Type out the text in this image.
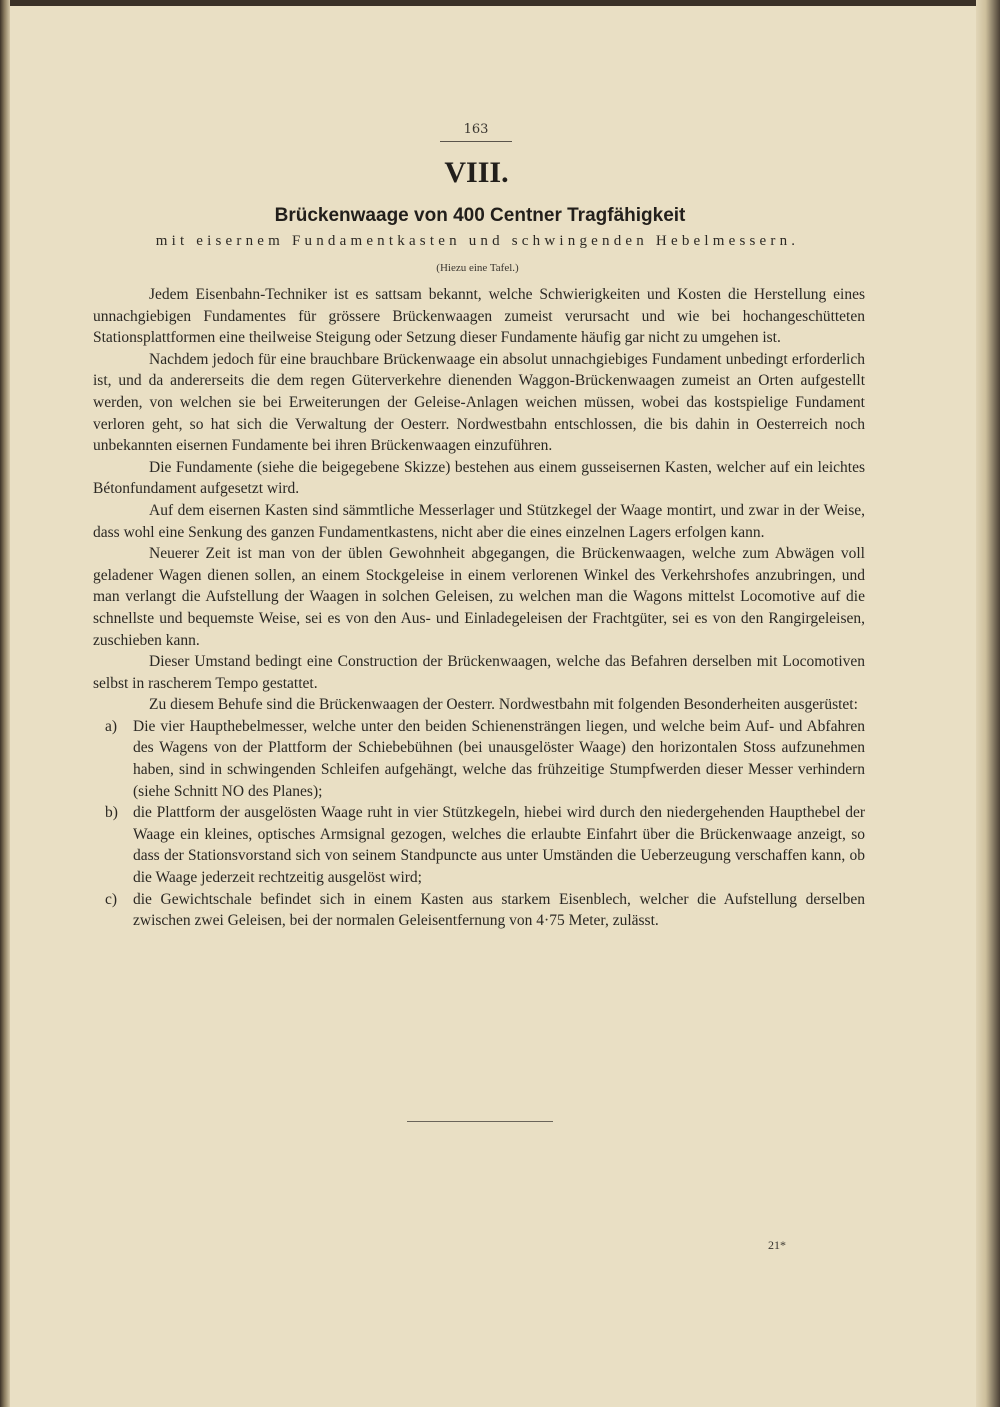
163
VIII.
Brückenwaage von 400 Centner Tragfähigkeit
mit eisernem Fundamentkasten und schwingenden Hebelmessern.
(Hiezu eine Tafel.)

Jedem Eisenbahn-Techniker ist es sattsam bekannt, welche Schwierigkeiten und Kosten die Herstellung eines unnachgiebigen Fundamentes für grössere Brückenwaagen zumeist verursacht und wie bei hochangeschütteten Stationsplattformen eine theilweise Steigung oder Setzung dieser Fundamente häufig gar nicht zu umgehen ist.

Nachdem jedoch für eine brauchbare Brückenwaage ein absolut unnachgiebiges Fundament unbedingt erforderlich ist, und da andererseits die dem regen Güterverkehre dienenden Waggon-Brückenwaagen zumeist an Orten aufgestellt werden, von welchen sie bei Erweiterungen der Geleise-Anlagen weichen müssen, wobei das kostspielige Fundament verloren geht, so hat sich die Verwaltung der Oesterr. Nordwestbahn entschlossen, die bis dahin in Oesterreich noch unbekannten eisernen Fundamente bei ihren Brückenwaagen einzuführen.

Die Fundamente (siehe die beigegebene Skizze) bestehen aus einem gusseisernen Kasten, welcher auf ein leichtes Bétonfundament aufgesetzt wird.

Auf dem eisernen Kasten sind sämmtliche Messerlager und Stützkegel der Waage montirt, und zwar in der Weise, dass wohl eine Senkung des ganzen Fundamentkastens, nicht aber die eines einzelnen Lagers erfolgen kann.

Neuerer Zeit ist man von der üblen Gewohnheit abgegangen, die Brückenwaagen, welche zum Abwägen voll geladener Wagen dienen sollen, an einem Stockgeleise in einem verlorenen Winkel des Verkehrshofes anzubringen, und man verlangt die Aufstellung der Waagen in solchen Geleisen, zu welchen man die Wagons mittelst Locomotive auf die schnellste und bequemste Weise, sei es von den Aus- und Einladegeleisen der Frachtgüter, sei es von den Rangirgeleisen, zuschieben kann.

Dieser Umstand bedingt eine Construction der Brückenwaagen, welche das Befahren derselben mit Locomotiven selbst in rascherem Tempo gestattet.

Zu diesem Behufe sind die Brückenwaagen der Oesterr. Nordwestbahn mit folgenden Besonderheiten ausgerüstet:

a) Die vier Haupthebelmesser, welche unter den beiden Schienensträngen liegen, und welche beim Auf- und Abfahren des Wagens von der Plattform der Schiebebühnen (bei unausgelöster Waage) den horizontalen Stoss aufzunehmen haben, sind in schwingenden Schleifen aufgehängt, welche das frühzeitige Stumpfwerden dieser Messer verhindern (siehe Schnitt NO des Planes);

b) die Plattform der ausgelösten Waage ruht in vier Stützkegeln, hiebei wird durch den niedergehenden Haupthebel der Waage ein kleines, optisches Armsignal gezogen, welches die erlaubte Einfahrt über die Brückenwaage anzeigt, so dass der Stationsvorstand sich von seinem Standpuncte aus unter Umständen die Ueberzeugung verschaffen kann, ob die Waage jederzeit rechtzeitig ausgelöst wird;

c) die Gewichtschale befindet sich in einem Kasten aus starkem Eisenblech, welcher die Aufstellung derselben zwischen zwei Geleisen, bei der normalen Geleisentfernung von 4·75 Meter, zulässt.

21*
